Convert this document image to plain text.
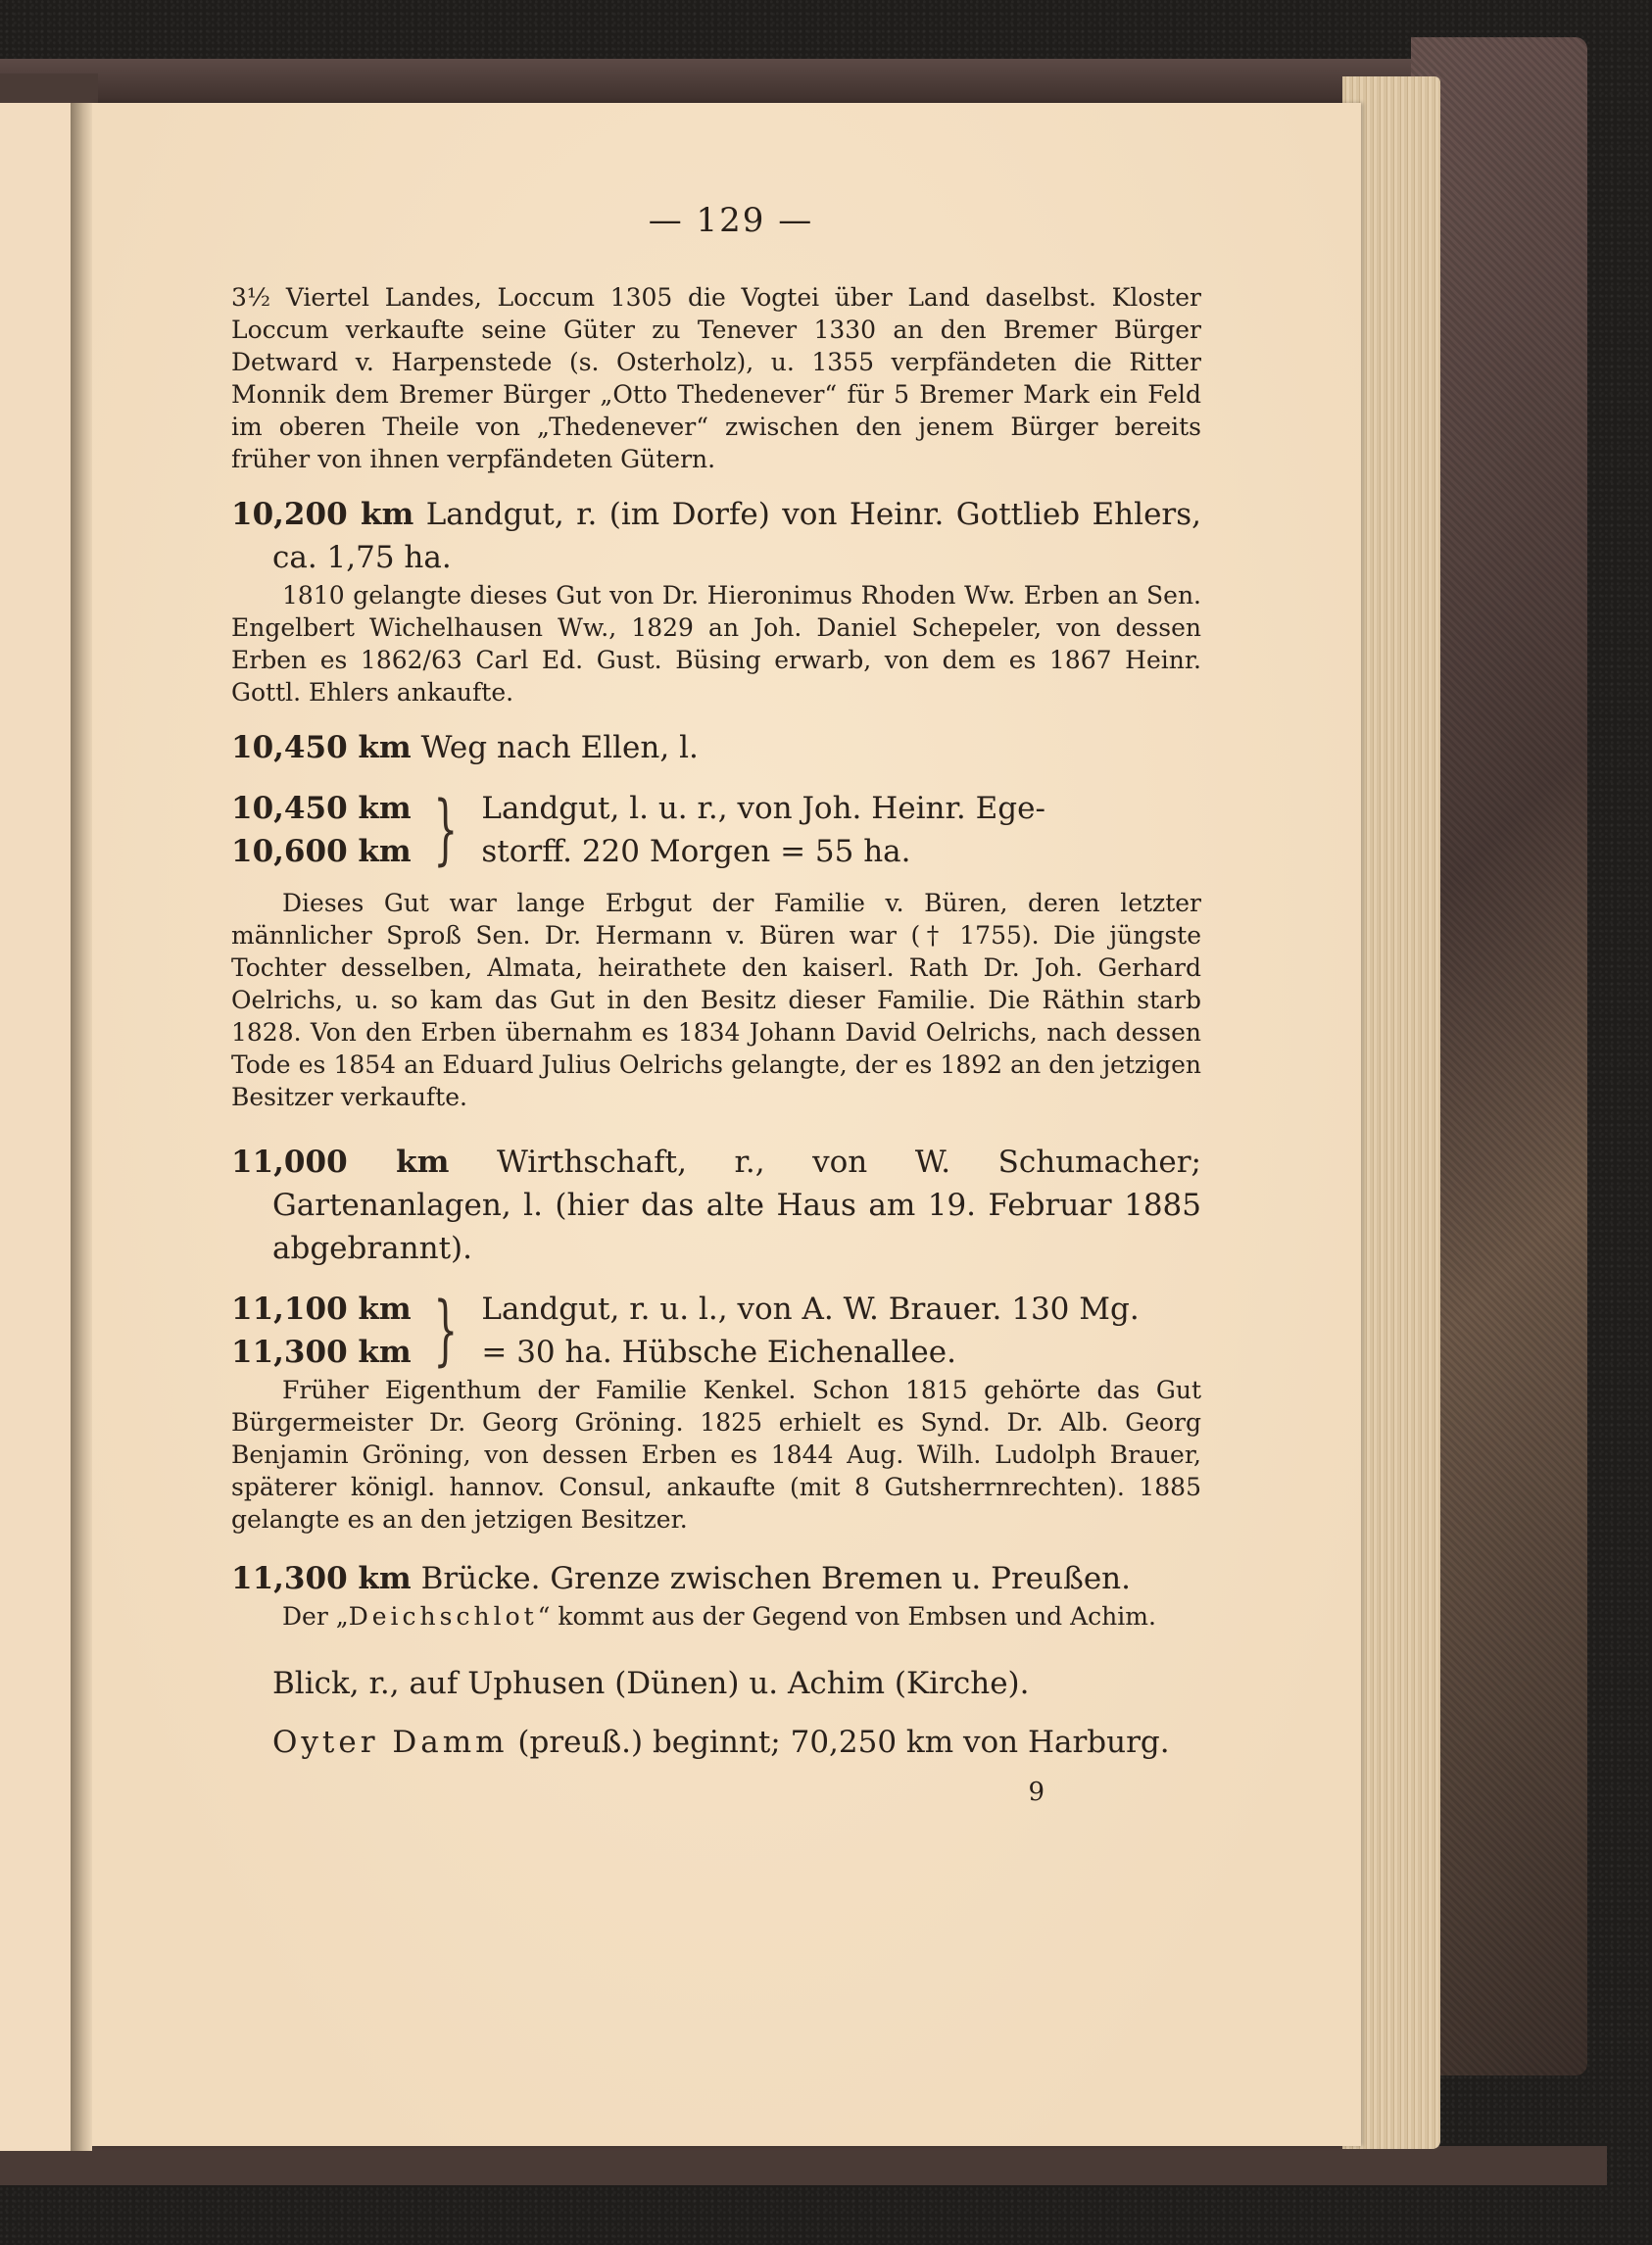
— 129 —

3½ Viertel Landes, Loccum 1305 die Vogtei über Land daselbst. Kloster Loccum verkaufte seine Güter zu Tenever 1330 an den Bremer Bürger Detward v. Harpenstede (s. Osterholz), u. 1355 verpfändeten die Ritter Monnik dem Bremer Bürger „Otto Thedenever“ für 5 Bremer Mark ein Feld im oberen Theile von „Thedenever“ zwischen den jenem Bürger bereits früher von ihnen verpfändeten Gütern.

10,200 km Landgut, r. (im Dorfe) von Heinr. Gottlieb Ehlers, ca. 1,75 ha.

1810 gelangte dieses Gut von Dr. Hieronimus Rhoden Ww. Erben an Sen. Engelbert Wichelhausen Ww., 1829 an Joh. Daniel Schepeler, von dessen Erben es 1862/63 Carl Ed. Gust. Büsing erwarb, von dem es 1867 Heinr. Gottl. Ehlers ankaufte.

10,450 km Weg nach Ellen, l.
10,450 km
10,600 km } Landgut, l. u. r., von Joh. Heinr. Ege-
storff. 220 Morgen = 55 ha.

Dieses Gut war lange Erbgut der Familie v. Büren, deren letzter männlicher Sproß Sen. Dr. Hermann v. Büren war († 1755). Die jüngste Tochter desselben, Almata, heirathete den kaiserl. Rath Dr. Joh. Gerhard Oelrichs, u. so kam das Gut in den Besitz dieser Familie. Die Räthin starb 1828. Von den Erben übernahm es 1834 Johann David Oelrichs, nach dessen Tode es 1854 an Eduard Julius Oelrichs gelangte, der es 1892 an den jetzigen Besitzer verkaufte.

11,000 km Wirthschaft, r., von W. Schumacher; Gartenanlagen, l. (hier das alte Haus am 19. Februar 1885 abgebrannt).
11,100 km
11,300 km } Landgut, r. u. l., von A. W. Brauer. 130 Mg.
= 30 ha. Hübsche Eichenallee.

Früher Eigenthum der Familie Kenkel. Schon 1815 gehörte das Gut Bürgermeister Dr. Georg Gröning. 1825 erhielt es Synd. Dr. Alb. Georg Benjamin Gröning, von dessen Erben es 1844 Aug. Wilh. Ludolph Brauer, späterer königl. hannov. Consul, ankaufte (mit 8 Gutsherrnrechten). 1885 gelangte es an den jetzigen Besitzer.

11,300 km Brücke. Grenze zwischen Bremen u. Preußen.

Der „Deichschlot“ kommt aus der Gegend von Embsen und Achim.

Blick, r., auf Uphusen (Dünen) u. Achim (Kirche).
Oyter Damm (preuß.) beginnt; 70,250 km von Harburg.
9
